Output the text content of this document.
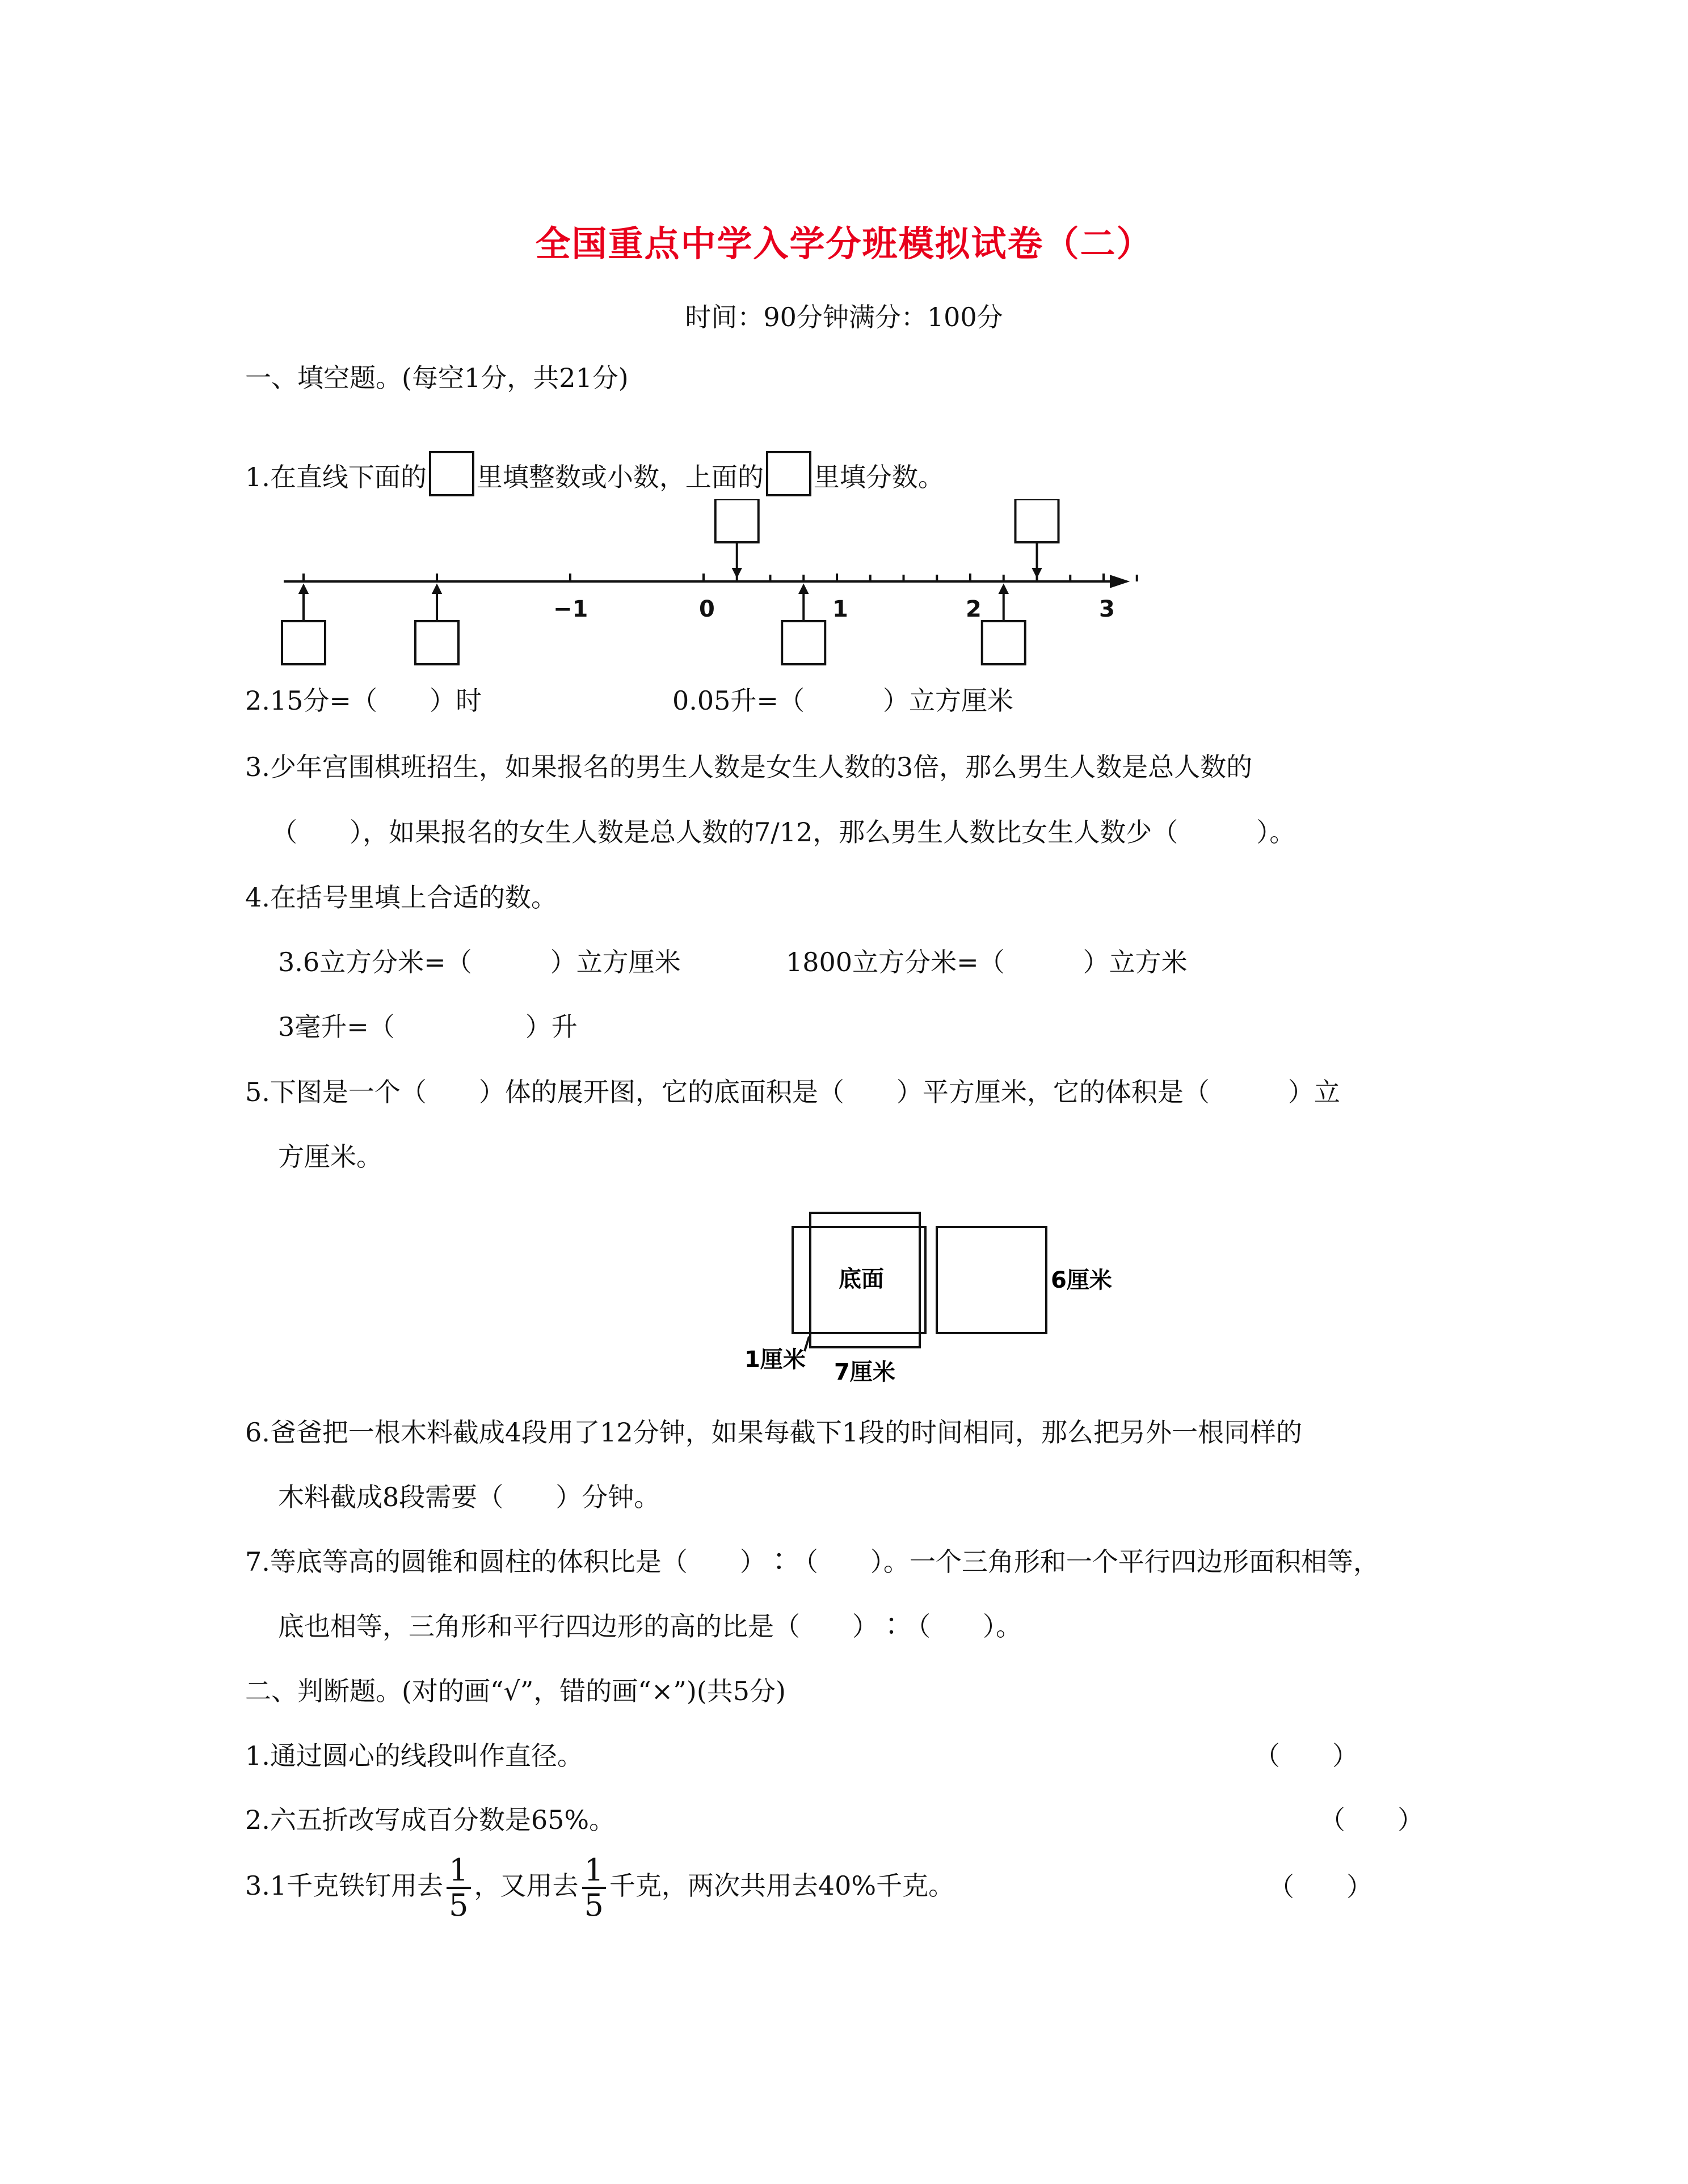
全国重点中学入学分班模拟试卷（二）
时间：90分钟满分：100分
一、填空题。(每空1分，共21分)
1.在直线下面的 里填整数或小数，上面的 里填分数。
−1	0	1	2	3
2.15分=（　　）时	0.05升=（　　　）立方厘米
3.少年宫围棋班招生，如果报名的男生人数是女生人数的3倍，那么男生人数是总人数的
（　　），如果报名的女生人数是总人数的7/12，那么男生人数比女生人数少（　　　）。
4.在括号里填上合适的数。
3.6立方分米=（　　　）立方厘米	1800立方分米=（　　　）立方米
3毫升=（　　　　　）升
5.下图是一个（　　）体的展开图，它的底面积是（　　）平方厘米，它的体积是（　　　）立
方厘米。
底面	6厘米
1厘米 7厘米
6.爸爸把一根木料截成4段用了12分钟，如果每截下1段的时间相同，那么把另外一根同样的
木料截成8段需要（　　）分钟。
7.等底等高的圆锥和圆柱的体积比是（　　）∶（　　）。一个三角形和一个平行四边形面积相等，
底也相等，三角形和平行四边形的高的比是（　　）∶（　　）。
二、判断题。(对的画“√”，错的画“×”)(共5分)
1.通过圆心的线段叫作直径。	（　　）
2.六五折改写成百分数是65%。	（　　）
3.1千克铁钉用去 $\frac{1}{5}$ ，又用去 $\frac{1}{5}$ 千克，两次共用去40%千克。	（　　）
